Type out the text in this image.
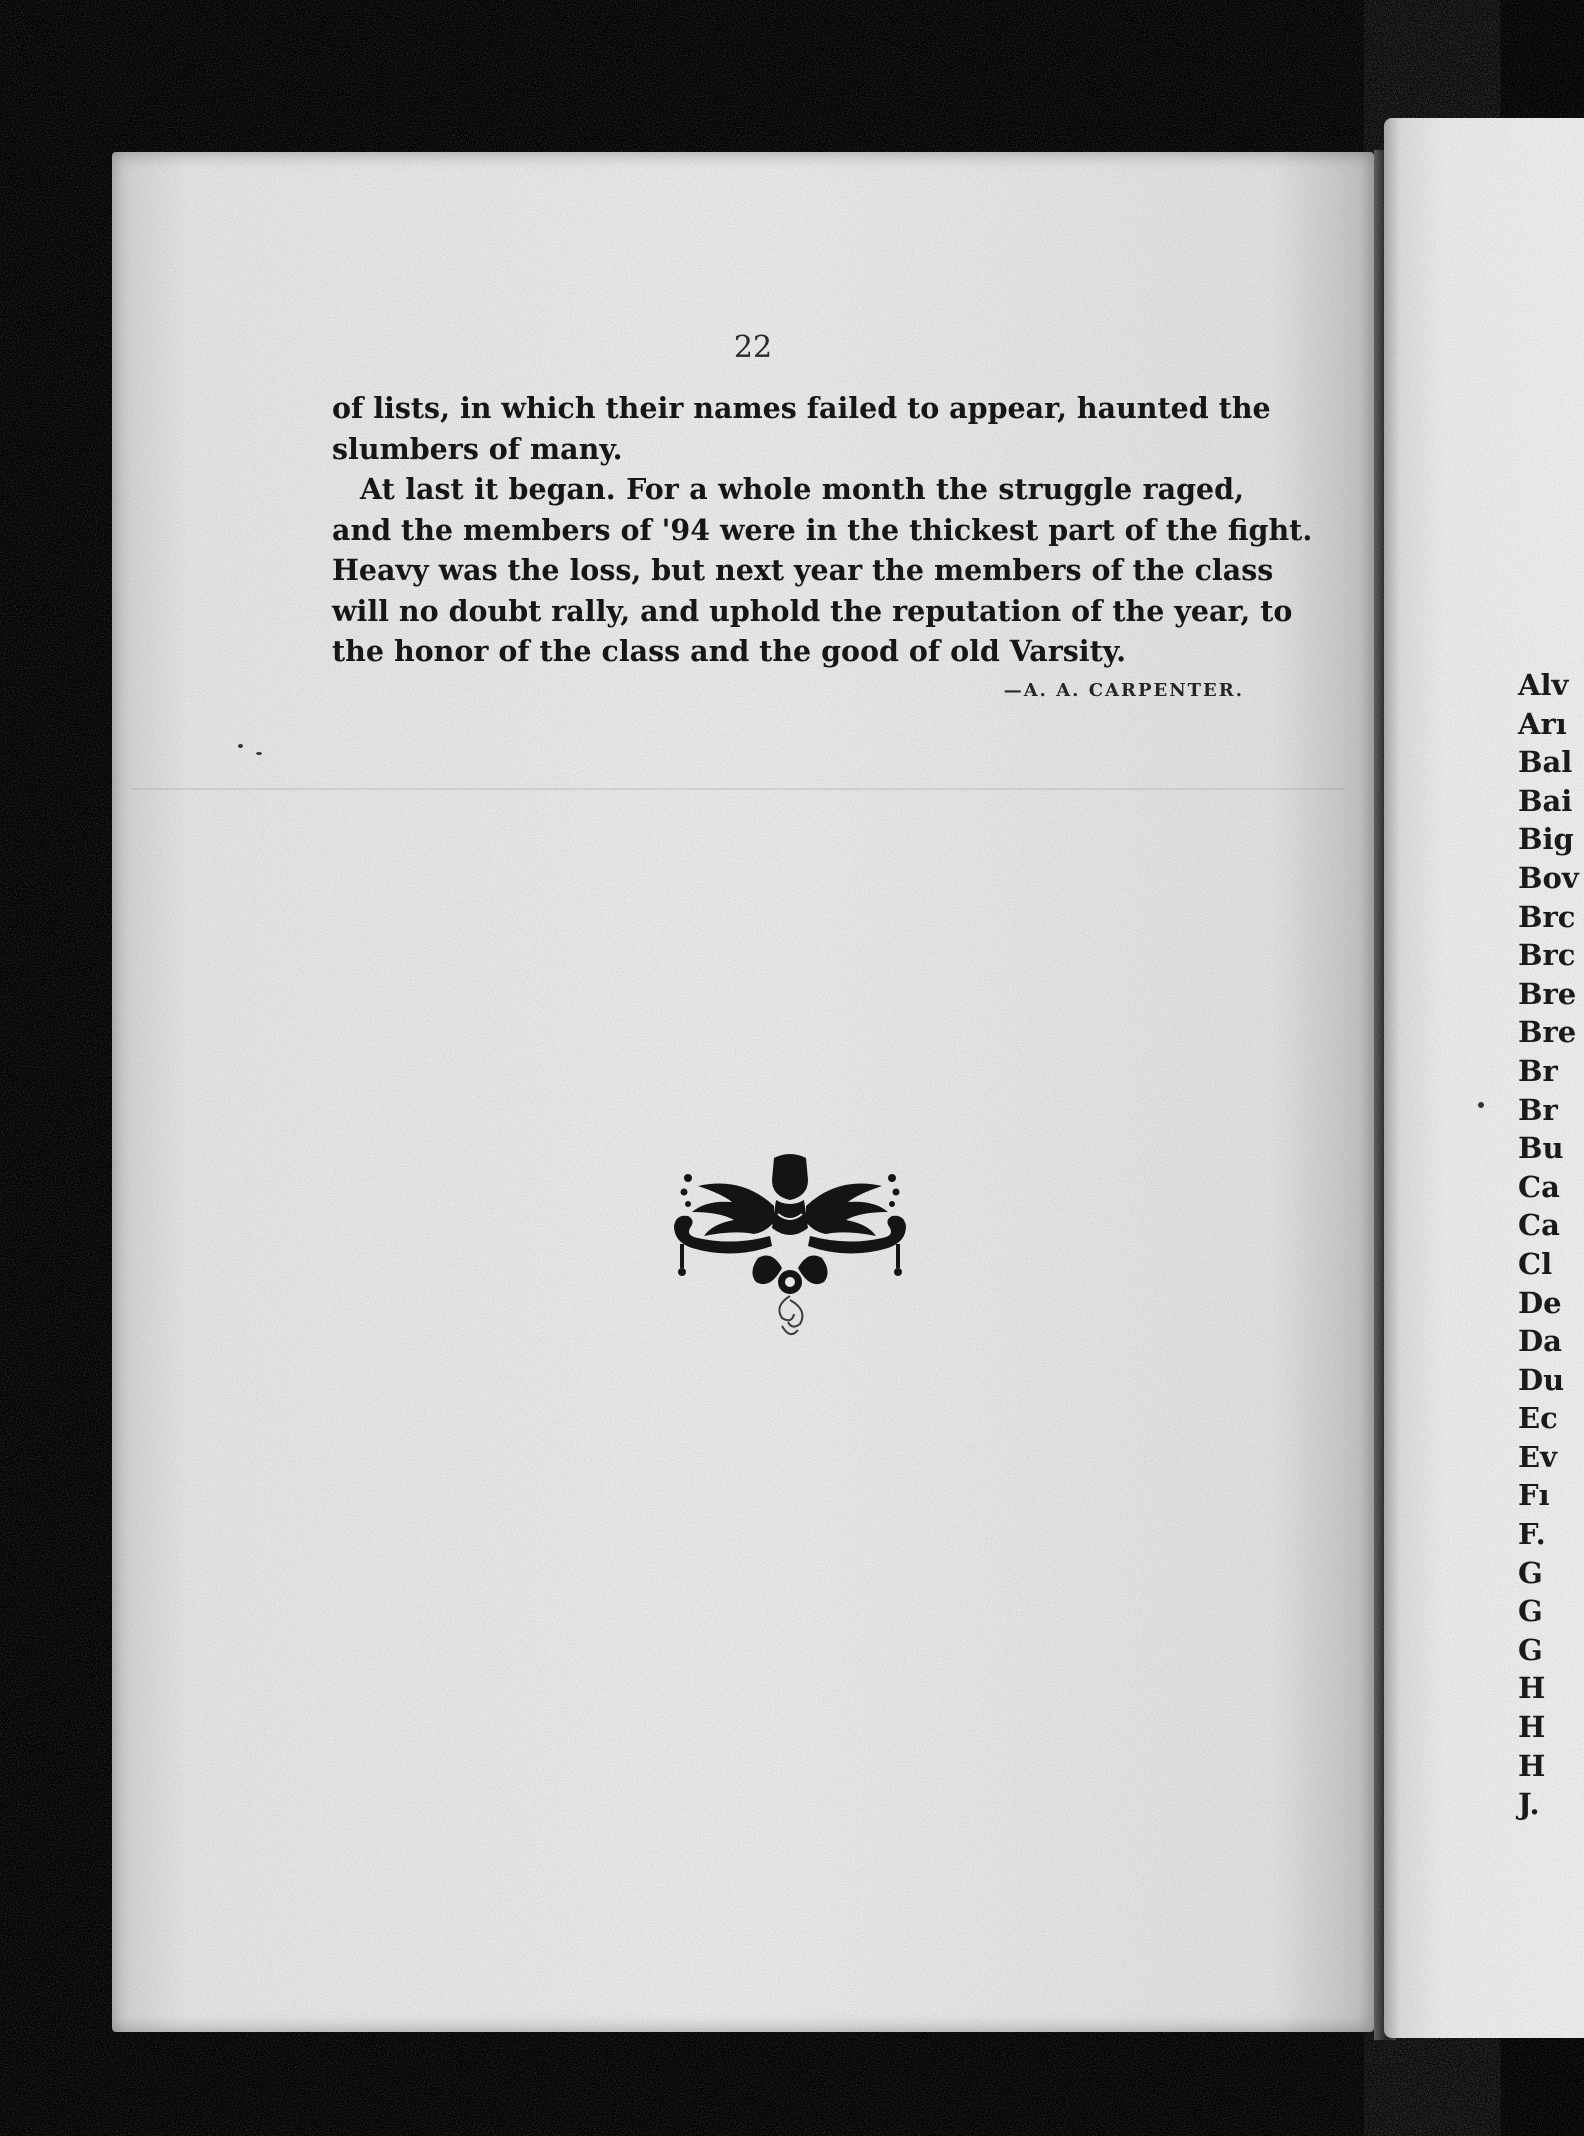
22
of lists, in which their names failed to appear, haunted the
slumbers of many.
At last it began. For a whole month the struggle raged,
and the members of '94 were in the thickest part of the fight.
Heavy was the loss, but next year the members of the class
will no doubt rally, and uphold the reputation of the year, to
the honor of the class and the good of old Varsity.
—A. A. CARPENTER.	Alv
Arı
Bal
Bai
Big
Bov
Brc
Brc
Bre
Bre
Br
Br
Bu
Ca
Ca
Cl
De
Da
Du
Ec
Ev
Fı
F.
G
G
G
H
H
H
J.
